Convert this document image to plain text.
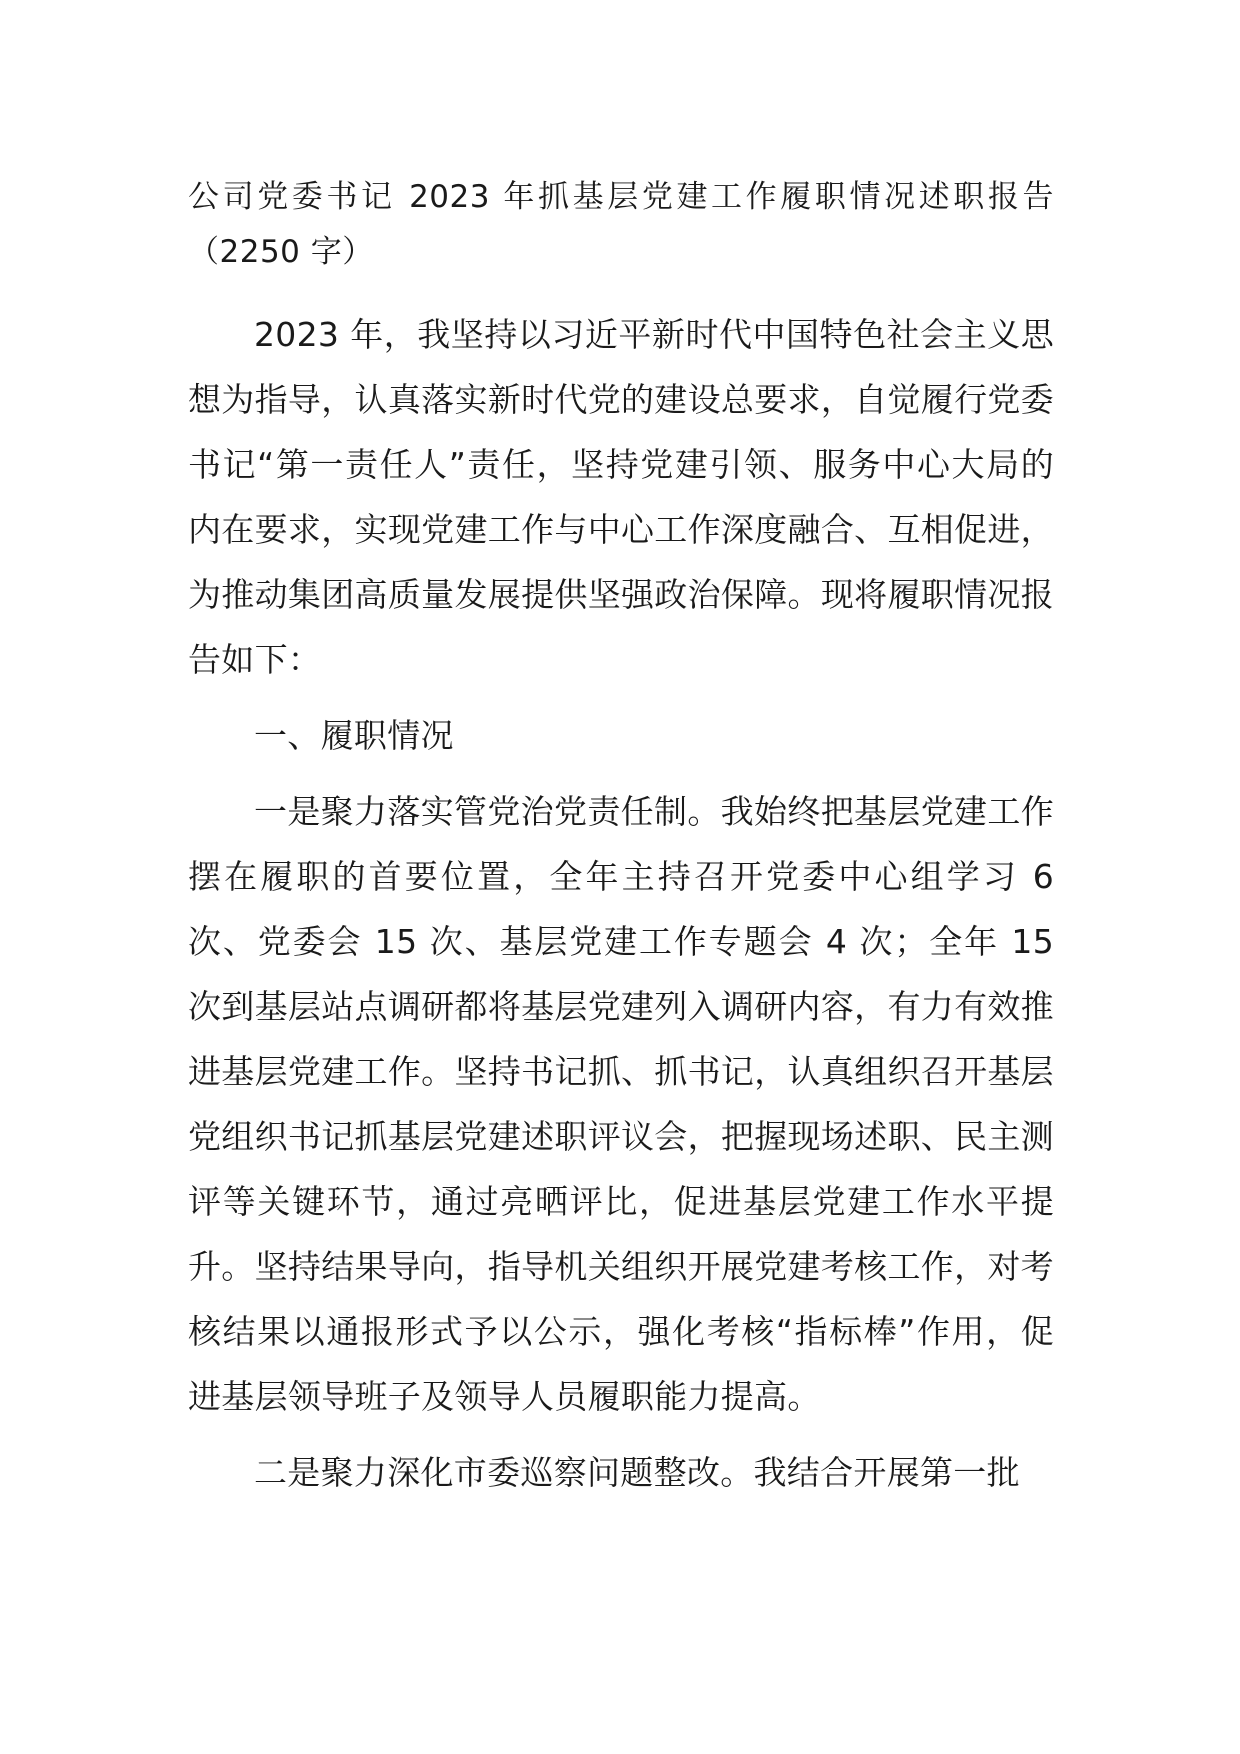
公司党委书记 2023 年抓基层党建工作履职情况述职报告（2250 字）

2023 年，我坚持以习近平新时代中国特色社会主义思想为指导，认真落实新时代党的建设总要求，自觉履行党委书记“第一责任人”责任，坚持党建引领、服务中心大局的内在要求，实现党建工作与中心工作深度融合、互相促进，为推动集团高质量发展提供坚强政治保障。现将履职情况报告如下：

一、履职情况

一是聚力落实管党治党责任制。我始终把基层党建工作摆在履职的首要位置，全年主持召开党委中心组学习 6 次、党委会 15 次、基层党建工作专题会 4 次；全年 15 次到基层站点调研都将基层党建列入调研内容，有力有效推进基层党建工作。坚持书记抓、抓书记，认真组织召开基层党组织书记抓基层党建述职评议会，把握现场述职、民主测评等关键环节，通过亮晒评比，促进基层党建工作水平提升。坚持结果导向，指导机关组织开展党建考核工作，对考核结果以通报形式予以公示，强化考核“指标棒”作用，促进基层领导班子及领导人员履职能力提高。

二是聚力深化市委巡察问题整改。我结合开展第一批
